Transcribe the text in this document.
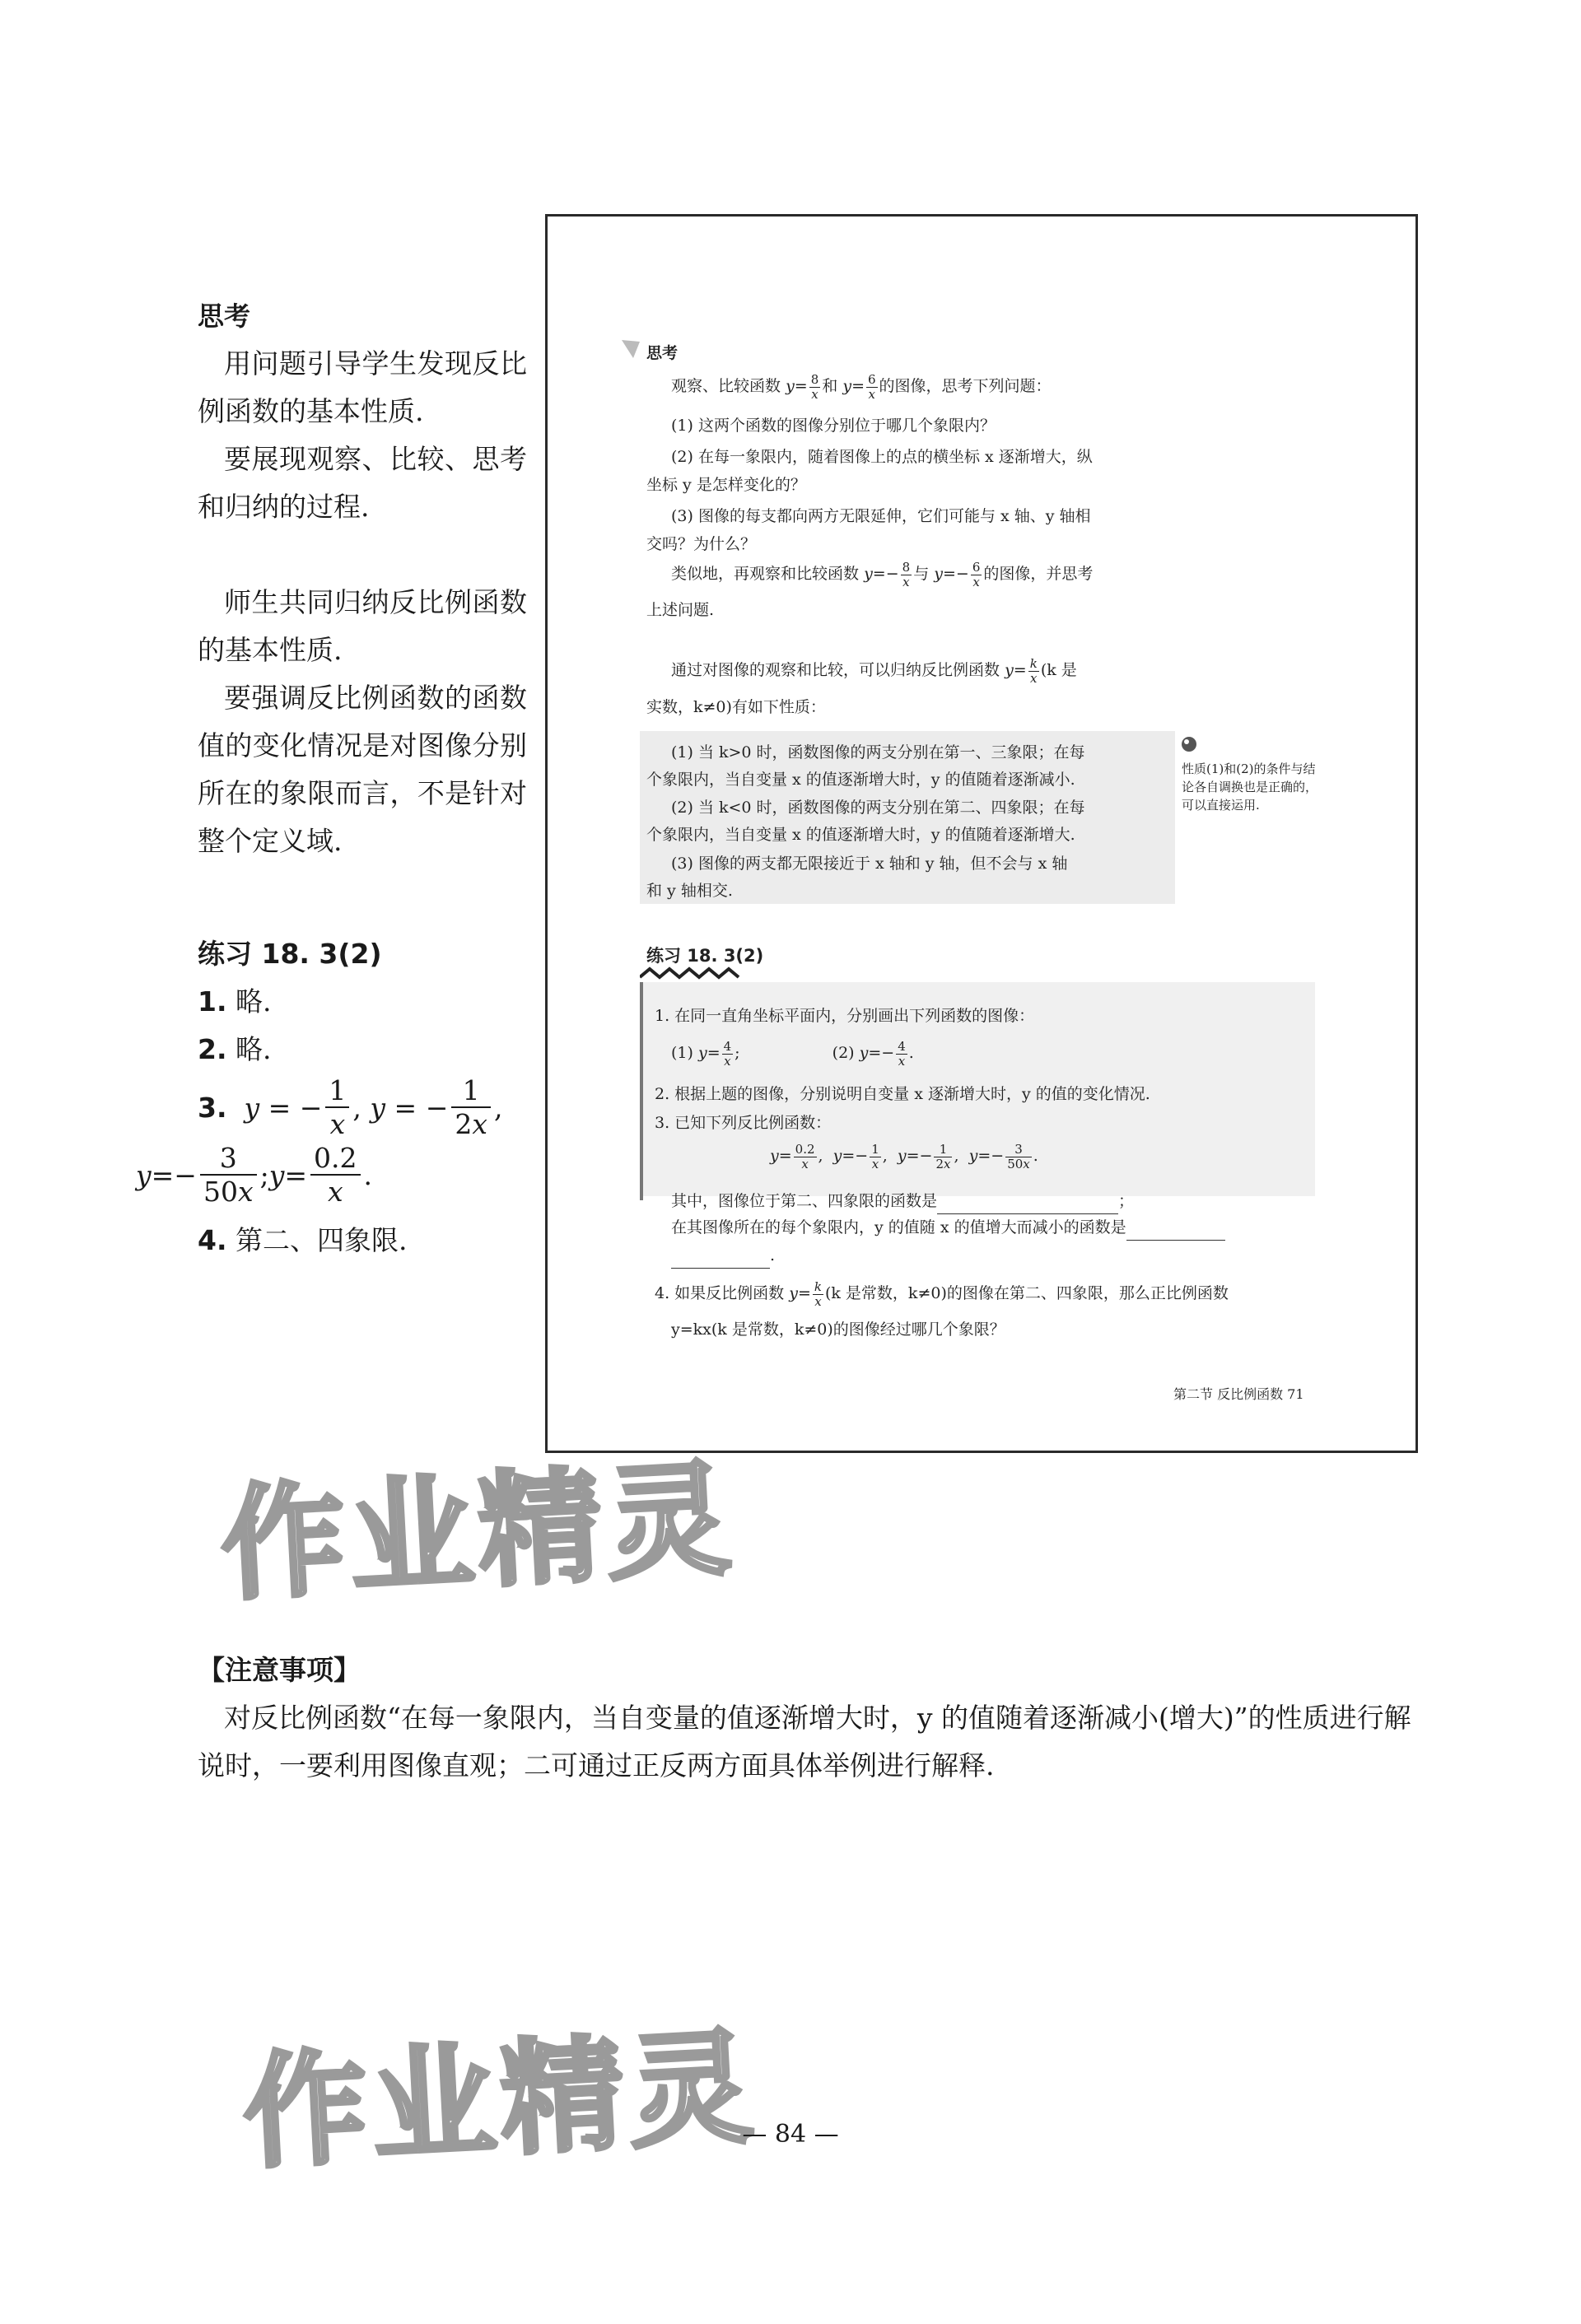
思考

用问题引导学生发现反比例函数的基本性质.

要展现观察、比较、思考和归纳的过程.

师生共同归纳反比例函数的基本性质.

要强调反比例函数的函数值的变化情况是对图像分别所在的象限而言，不是针对整个定义域.

练习 18. 3(2)
1. 略.
2. 略.
3.
y = − $\frac{1}{x}$ , y = − $\frac{1}{2x}$ ,
$y =- \frac{3}{50x}$ ; $y = \frac{0.2}{x}$ .
4. 第二、四象限.
思考
观察、比较函数 $y= \frac{8}{x}$ 和 $y= \frac{6}{x}$ 的图像，思考下列问题：
(1) 这两个函数的图像分别位于哪几个象限内？
(2) 在每一象限内，随着图像上的点的横坐标 x 逐渐增大，纵
坐标 y 是怎样变化的？
(3) 图像的每支都向两方无限延伸，它们可能与 x 轴、y 轴相
交吗？为什么？
类似地，再观察和比较函数 $y=- \frac{8}{x}$ 与 $y=- \frac{6}{x}$ 的图像，并思考
上述问题.
通过对图像的观察和比较，可以归纳反比例函数 $y= \frac{k}{x} (k$ 是
实数，k≠0)有如下性质：
(1) 当 k>0 时，函数图像的两支分别在第一、三象限；在每
个象限内，当自变量 x 的值逐渐增大时，y 的值随着逐渐减小.
(2) 当 k<0 时，函数图像的两支分别在第二、四象限；在每
个象限内，当自变量 x 的值逐渐增大时，y 的值随着逐渐增大.
(3) 图像的两支都无限接近于 x 轴和 y 轴，但不会与 x 轴
和 y 轴相交.
性质(1)和(2)的条件与结论各自调换也是正确的，可以直接运用.
练习 18. 3(2)
1. 在同一直角坐标平面内，分别画出下列函数的图像：
(1) $y= \frac{4}{x}$ ;	(2) $y=- \frac{4}{x}$ .
2. 根据上题的图像，分别说明自变量 x 逐渐增大时，y 的值的变化情况.
3. 已知下列反比例函数：
$y= \frac{0.2}{x}$ ,  $y=- \frac{1}{x}$ ,  $y=- \frac{1}{2x}$ ,  $y=- \frac{3}{50x}$ .
其中，图像位于第二、四象限的函数是	；
在其图像所在的每个象限内，y 的值随 x 的值增大而减小的函数是
.
4. 如果反比例函数 $y= \frac{k}{x} (k$ 是常数，k≠0)的图像在第二、四象限，那么正比例函数
y=kx(k 是常数，k≠0)的图像经过哪几个象限？
第二节 反比例函数 71
作业精灵
作业精灵
【注意事项】

对反比例函数“在每一象限内，当自变量的值逐渐增大时，y 的值随着逐渐减小(增大)”的性质进行解说时，一要利用图像直观；二可通过正反两方面具体举例进行解释.

— 84 —
